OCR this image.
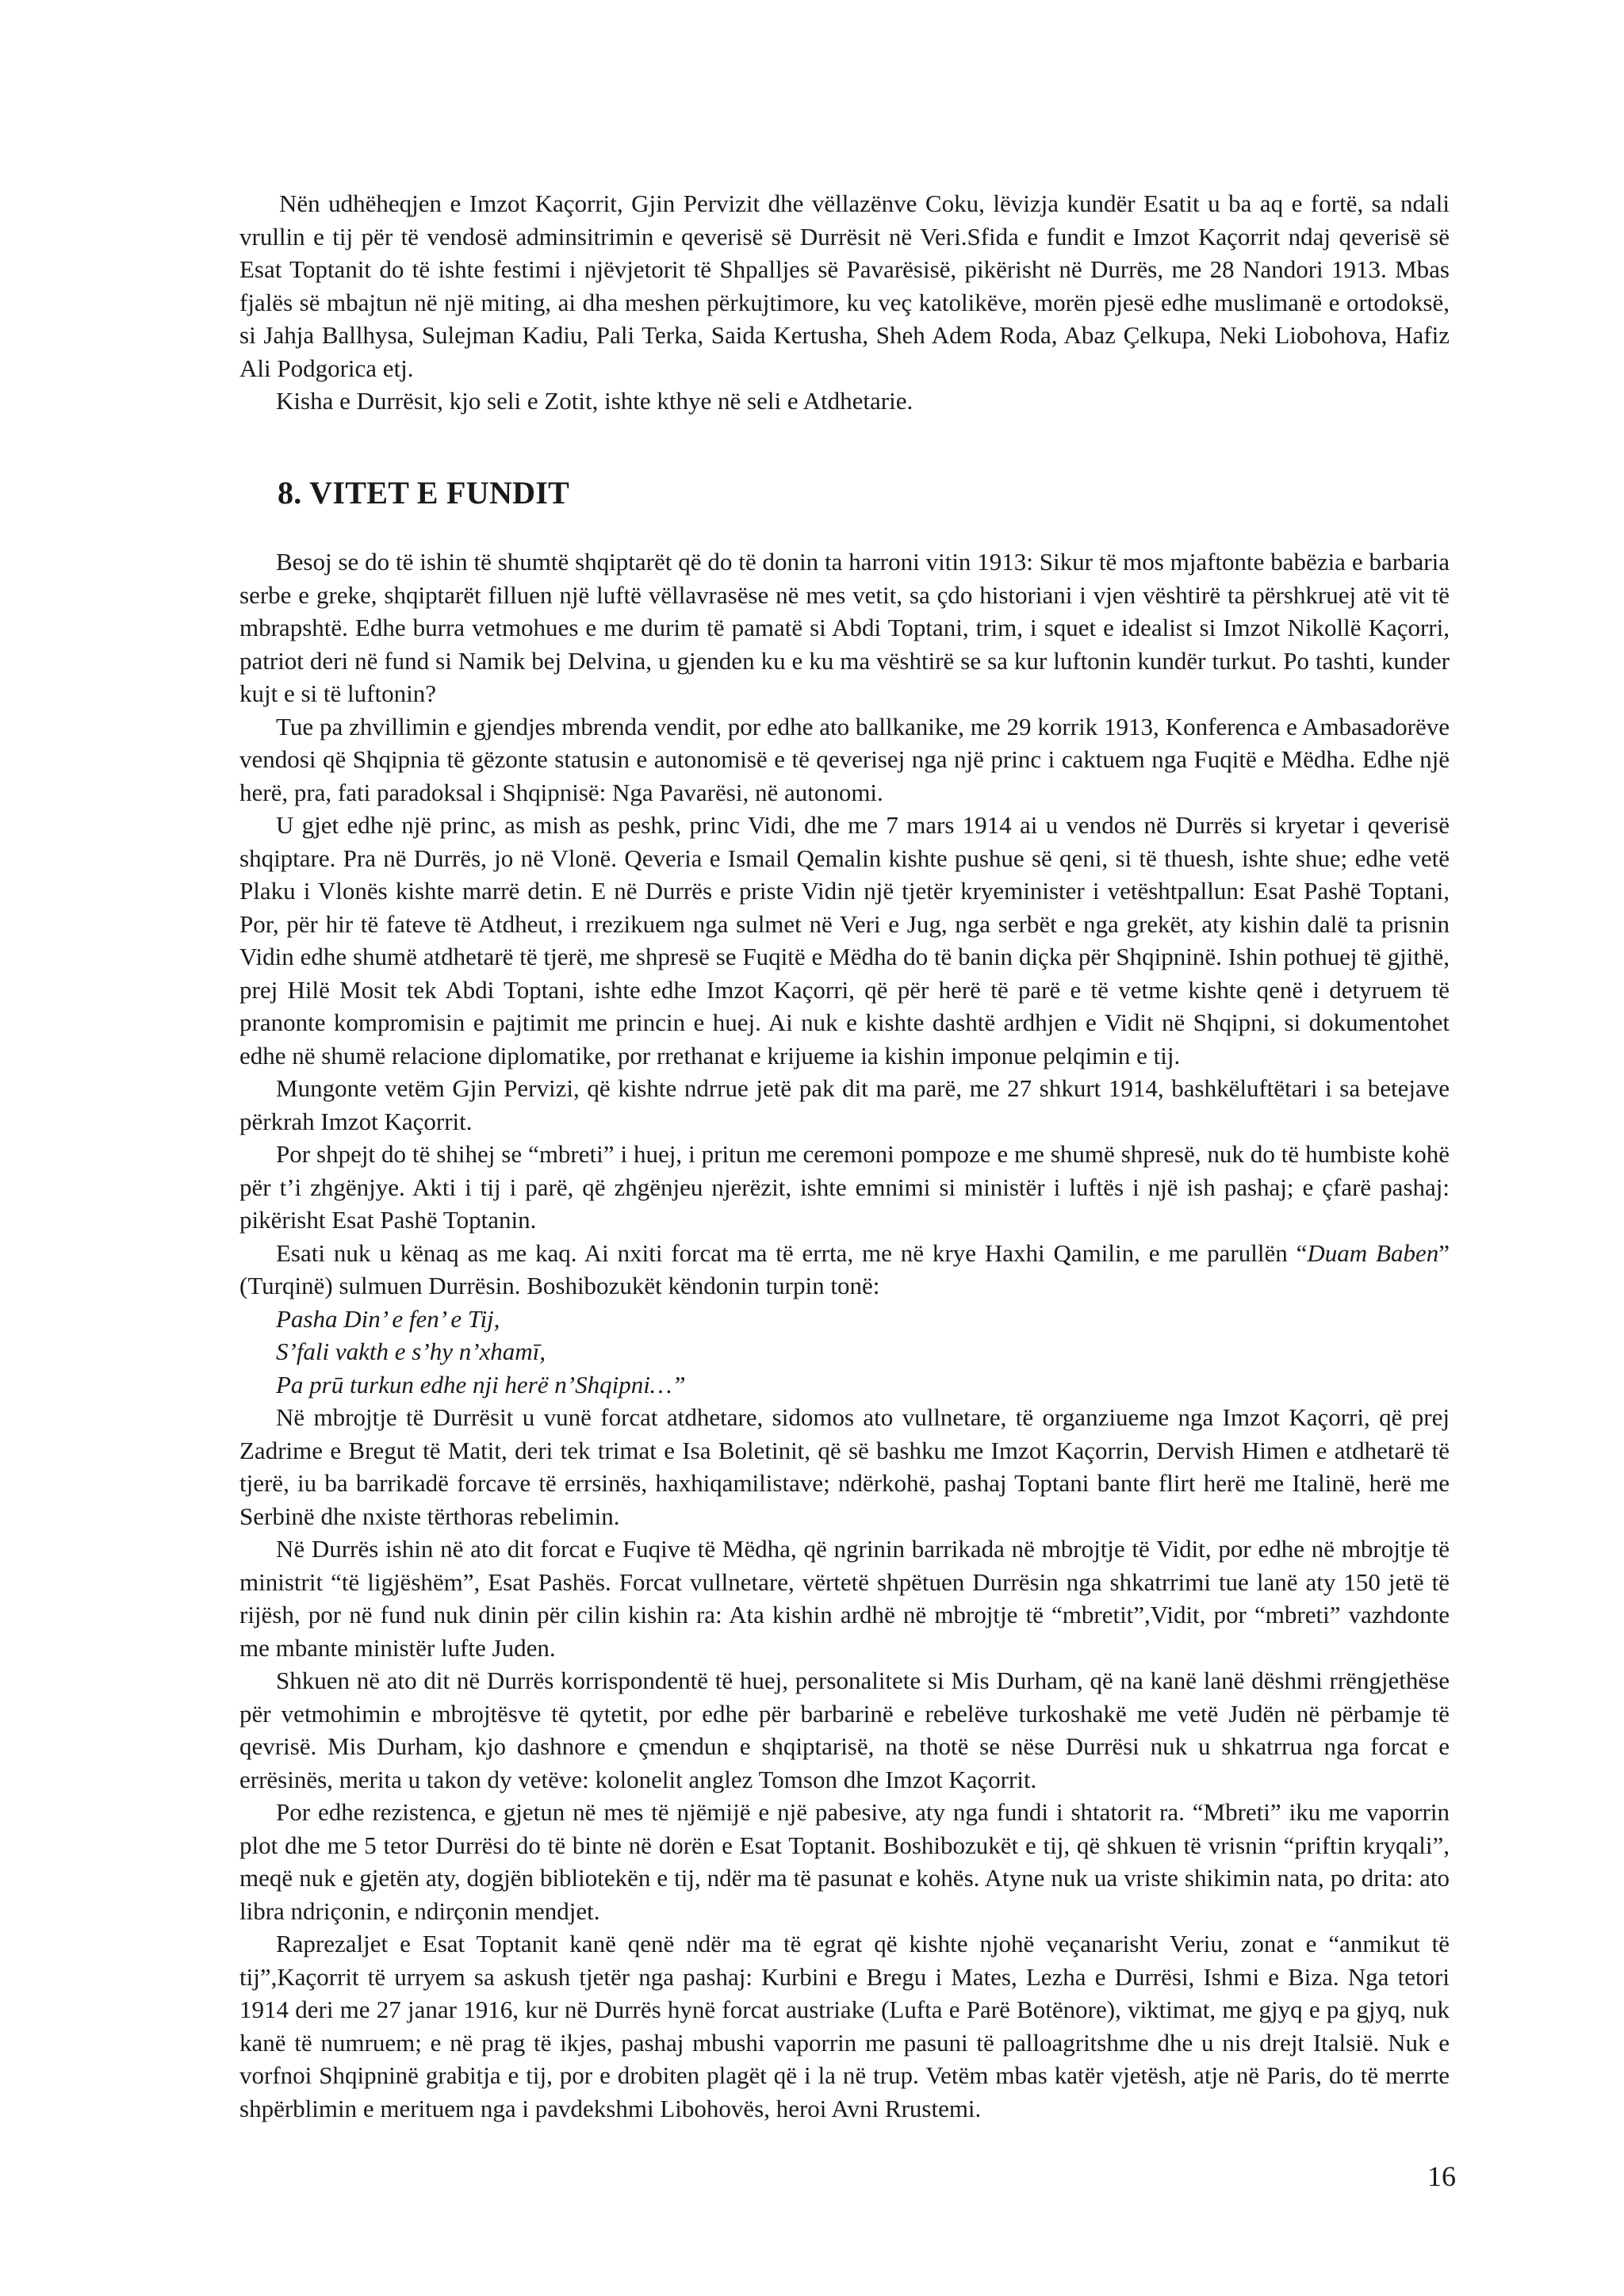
Nën udhëheqjen e Imzot Kaçorrit, Gjin Pervizit dhe vëllazënve Coku, lëvizja kundër Esatit u ba aq e fortë, sa ndali vrullin e tij për të vendosë adminsitrimin e qeverisë së Durrësit në Veri.Sfida e fundit e Imzot Kaçorrit ndaj qeverisë së Esat Toptanit do të ishte festimi i njëvjetorit të Shpalljes së Pavarësisë, pikërisht në Durrës, me 28 Nandori 1913. Mbas fjalës së mbajtun në një miting, ai dha meshen përkujtimore, ku veç katolikëve, morën pjesë edhe muslimanë e ortodoksë, si Jahja Ballhysa, Sulejman Kadiu, Pali Terka, Saida Kertusha, Sheh Adem Roda, Abaz Çelkupa, Neki Liobohova, Hafiz Ali Podgorica etj.

Kisha e Durrësit, kjo seli e Zotit, ishte kthye në seli e Atdhetarie.

8. VITET E FUNDIT

Besoj se do të ishin të shumtë shqiptarët që do të donin ta harroni vitin 1913: Sikur të mos mjaftonte babëzia e barbaria serbe e greke, shqiptarët filluen një luftë vëllavrasëse në mes vetit, sa çdo historiani i vjen vështirë ta përshkruej atë vit të mbrapshtë. Edhe burra vetmohues e me durim të pamatë si Abdi Toptani, trim, i squet e idealist si Imzot Nikollë Kaçorri, patriot deri në fund si Namik bej Delvina, u gjenden ku e ku ma vështirë se sa kur luftonin kundër turkut. Po tashti, kunder kujt e si të luftonin?

Tue pa zhvillimin e gjendjes mbrenda vendit, por edhe ato ballkanike, me 29 korrik 1913, Konferenca e Ambasadorëve vendosi që Shqipnia të gëzonte statusin e autonomisë e të qeverisej nga një princ i caktuem nga Fuqitë e Mëdha. Edhe një herë, pra, fati paradoksal i Shqipnisë: Nga Pavarësi, në autonomi.

U gjet edhe një princ, as mish as peshk, princ Vidi, dhe me 7 mars 1914 ai u vendos në Durrës si kryetar i qeverisë shqiptare. Pra në Durrës, jo në Vlonë. Qeveria e Ismail Qemalin kishte pushue së qeni, si të thuesh, ishte shue; edhe vetë Plaku i Vlonës kishte marrë detin. E në Durrës e priste Vidin një tjetër kryeminister i vetështpallun: Esat Pashë Toptani, Por, për hir të fateve të Atdheut, i rrezikuem nga sulmet në Veri e Jug, nga serbët e nga grekët, aty kishin dalë ta prisnin Vidin edhe shumë atdhetarë të tjerë, me shpresë se Fuqitë e Mëdha do të banin diçka për Shqipninë. Ishin pothuej të gjithë, prej Hilë Mosit tek Abdi Toptani, ishte edhe Imzot Kaçorri, që për herë të parë e të vetme kishte qenë i detyruem të pranonte kompromisin e pajtimit me princin e huej. Ai nuk e kishte dashtë ardhjen e Vidit në Shqipni, si dokumentohet edhe në shumë relacione diplomatike, por rrethanat e krijueme ia kishin imponue pelqimin e tij.

Mungonte vetëm Gjin Pervizi, që kishte ndrrue jetë pak dit ma parë, me 27 shkurt 1914, bashkëluftëtari i sa betejave përkrah Imzot Kaçorrit.

Por shpejt do të shihej se “mbreti” i huej, i pritun me ceremoni pompoze e me shumë shpresë, nuk do të humbiste kohë për t’i zhgënjye. Akti i tij i parë, që zhgënjeu njerëzit, ishte emnimi si ministër i luftës i një ish pashaj; e çfarë pashaj: pikërisht Esat Pashë Toptanin.

Esati nuk u kënaq as me kaq. Ai nxiti forcat ma të errta, me në krye Haxhi Qamilin, e me parullën “Duam Baben” (Turqinë) sulmuen Durrësin. Boshibozukët këndonin turpin tonë:

Pasha Din’ e fen’ e Tij,

S’fali vakth e s’hy n’xhamī,

Pa prū turkun edhe nji herë n’Shqipni…”

Në mbrojtje të Durrësit u vunë forcat atdhetare, sidomos ato vullnetare, të organziueme nga Imzot Kaçorri, që prej Zadrime e Bregut të Matit, deri tek trimat e Isa Boletinit, që së bashku me Imzot Kaçorrin, Dervish Himen e atdhetarë të tjerë, iu ba barrikadë forcave të errsinës, haxhiqamilistave; ndërkohë, pashaj Toptani bante flirt herë me Italinë, herë me Serbinë dhe nxiste tërthoras rebelimin.

Në Durrës ishin në ato dit forcat e Fuqive të Mëdha, që ngrinin barrikada në mbrojtje të Vidit, por edhe në mbrojtje të ministrit “të ligjëshëm”, Esat Pashës. Forcat vullnetare, vërtetë shpëtuen Durrësin nga shkatrrimi tue lanë aty 150 jetë të rijësh, por në fund nuk dinin për cilin kishin ra: Ata kishin ardhë në mbrojtje të “mbretit”,Vidit, por “mbreti” vazhdonte me mbante ministër lufte Juden.

Shkuen në ato dit në Durrës korrispondentë të huej, personalitete si Mis Durham, që na kanë lanë dëshmi rrëngjethëse për vetmohimin e mbrojtësve të qytetit, por edhe për barbarinë e rebelëve turkoshakë me vetë Judën në përbamje të qevrisë. Mis Durham, kjo dashnore e çmendun e shqiptarisë, na thotë se nëse Durrësi nuk u shkatrrua nga forcat e errësinës, merita u takon dy vetëve: kolonelit anglez Tomson dhe Imzot Kaçorrit.

Por edhe rezistenca, e gjetun në mes të njëmijë e një pabesive, aty nga fundi i shtatorit ra. “Mbreti” iku me vaporrin plot dhe me 5 tetor Durrësi do të binte në dorën e Esat Toptanit. Boshibozukët e tij, që shkuen të vrisnin “priftin kryqali”, meqë nuk e gjetën aty, dogjën bibliotekën e tij, ndër ma të pasunat e kohës. Atyne nuk ua vriste shikimin nata, po drita: ato libra ndriçonin, e ndirçonin mendjet.

Raprezaljet e Esat Toptanit kanë qenë ndër ma të egrat që kishte njohë veçanarisht Veriu, zonat e “anmikut të tij”,Kaçorrit të urryem sa askush tjetër nga pashaj: Kurbini e Bregu i Mates, Lezha e Durrësi, Ishmi e Biza. Nga tetori 1914 deri me 27 janar 1916, kur në Durrës hynë forcat austriake (Lufta e Parë Botënore), viktimat, me gjyq e pa gjyq, nuk kanë të numruem; e në prag të ikjes, pashaj mbushi vaporrin me pasuni të palloagritshme dhe u nis drejt Italsië. Nuk e vorfnoi Shqipninë grabitja e tij, por e drobiten plagët që i la në trup. Vetëm mbas katër vjetësh, atje në Paris, do të merrte shpërblimin e merituem nga i pavdekshmi Libohovës, heroi Avni Rrustemi.

16
